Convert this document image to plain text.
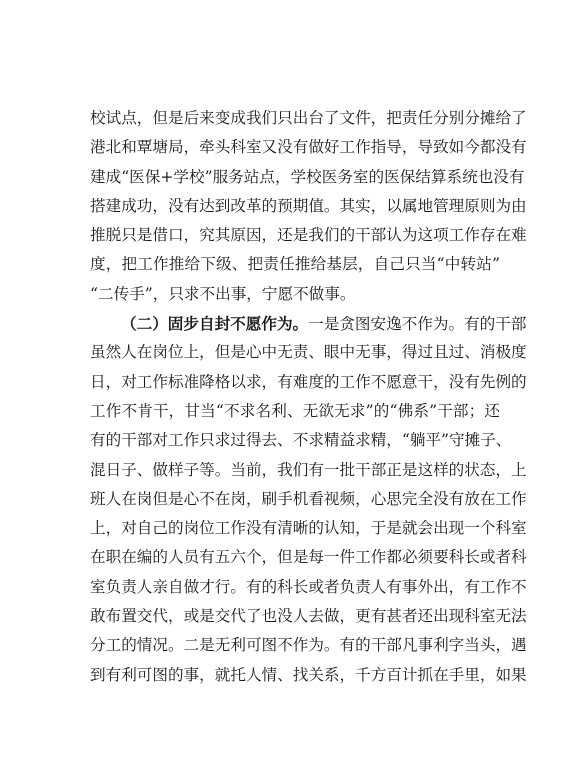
校试点，但是后来变成我们只出台了文件，把责任分别分摊给了
港北和覃塘局，牵头科室又没有做好工作指导，导致如今都没有
建成“医保+学校”服务站点，学校医务室的医保结算系统也没有
搭建成功，没有达到改革的预期值。其实，以属地管理原则为由
推脱只是借口，究其原因，还是我们的干部认为这项工作存在难
度，把工作推给下级、把责任推给基层，自己只当“中转站”
“二传手”，只求不出事，宁愿不做事。
（二）固步自封不愿作为。一是贪图安逸不作为。有的干部
虽然人在岗位上，但是心中无责、眼中无事，得过且过、消极度
日，对工作标准降格以求，有难度的工作不愿意干，没有先例的
工作不肯干，甘当“不求名利、无欲无求”的“佛系”干部；还
有的干部对工作只求过得去、不求精益求精，“躺平”守摊子、
混日子、做样子等。当前，我们有一批干部正是这样的状态，上
班人在岗但是心不在岗，刷手机看视频，心思完全没有放在工作
上，对自己的岗位工作没有清晰的认知，于是就会出现一个科室
在职在编的人员有五六个，但是每一件工作都必须要科长或者科
室负责人亲自做才行。有的科长或者负责人有事外出，有工作不
敢布置交代，或是交代了也没人去做，更有甚者还出现科室无法
分工的情况。二是无利可图不作为。有的干部凡事利字当头，遇
到有利可图的事，就托人情、找关系，千方百计抓在手里，如果
